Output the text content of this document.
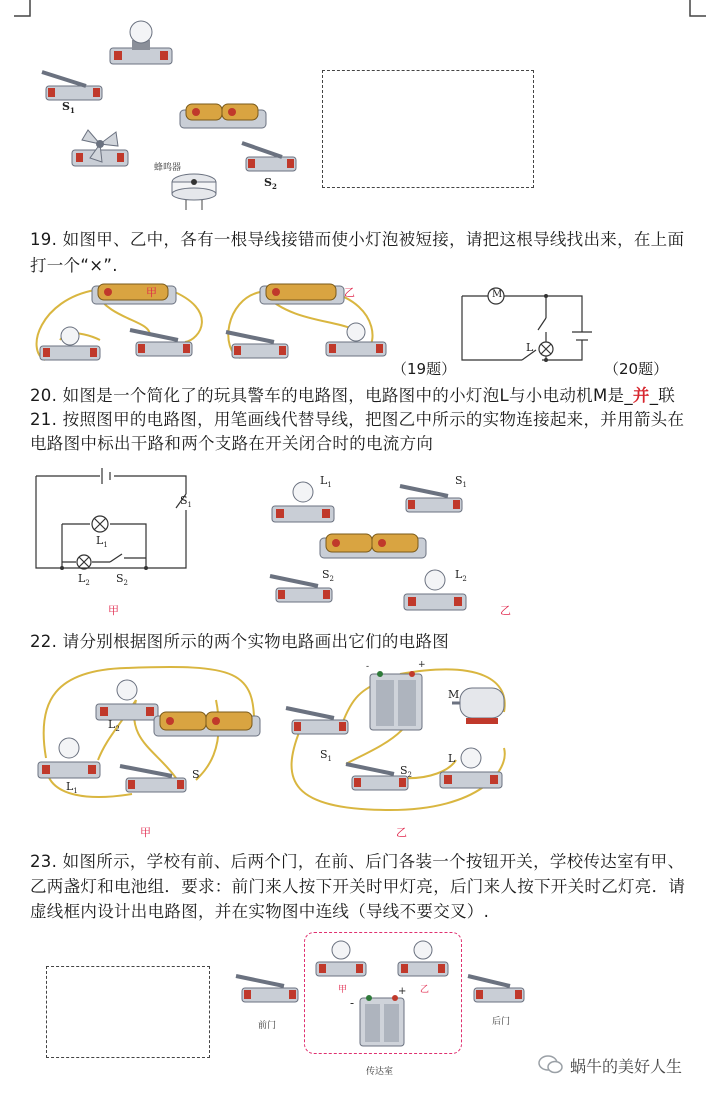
$S_1$
$S_2$
蜂鸣器
19. 如图甲、乙中，各有一根导线接错而使小灯泡被短接，请把这根导线找出来，在上面
打一个“×”.
甲	乙
（19题）
M
L
（20题）
20. 如图是一个简化了的玩具警车的电路图，电路图中的小灯泡L与小电动机M是_并_联
21. 按照图甲的电路图，用笔画线代替导线，把图乙中所示的实物连接起来，并用箭头在
电路图中标出干路和两个支路在开关闭合时的电流方向
$S_1$
$L_1$
$L_2$ $S_2$
甲
$L_1$	$S_1$
$S_2$	$L_2$
乙
22. 请分别根据图所示的两个实物电路画出它们的电路图
$L_2$
$L_1$
S
甲
-	+
M
$S_1$
$S_2$
L
乙
23. 如图所示，学校有前、后两个门，在前、后门各装一个按钮开关，学校传达室有甲、
乙两盏灯和电池组．要求：前门来人按下开关时甲灯亮，后门来人按下开关时乙灯亮．请
虚线框内设计出电路图，并在实物图中连线（导线不要交叉）.
前门	后门
甲	乙
-
+
传达室	蜗牛的美好人生
